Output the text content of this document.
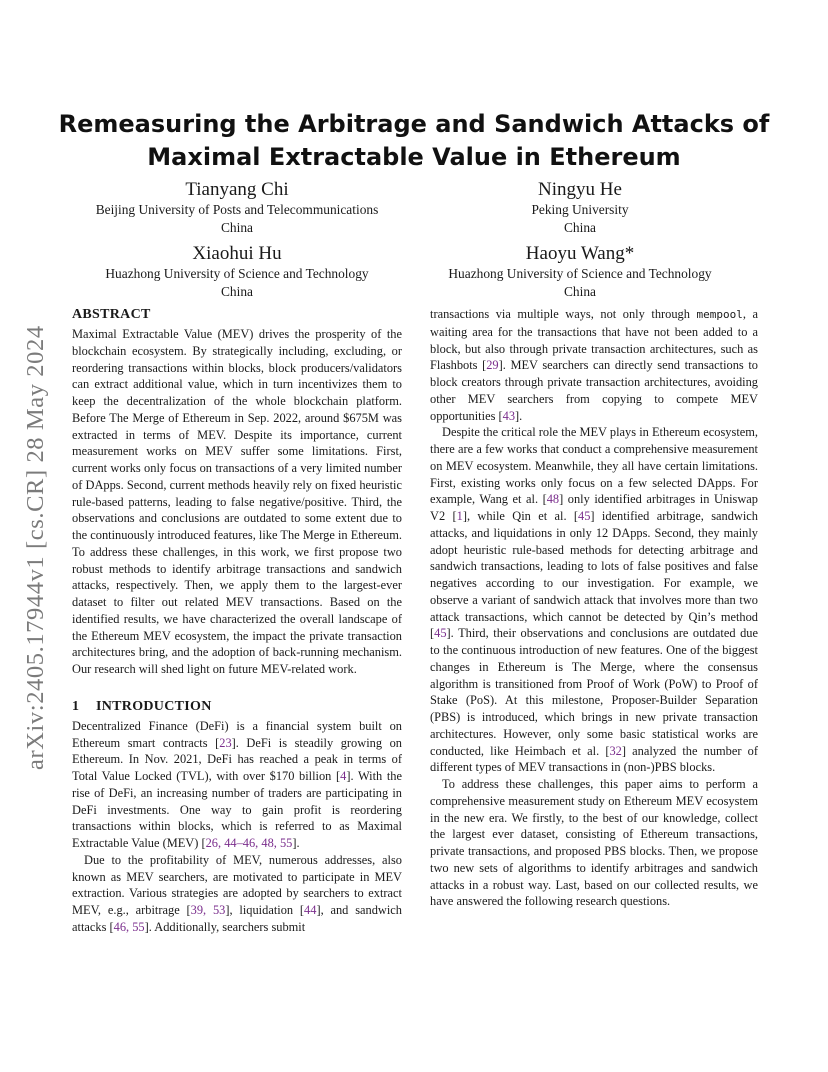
arXiv:2405.17944v1 [cs.CR] 28 May 2024
Remeasuring the Arbitrage and Sandwich Attacks of
Maximal Extractable Value in Ethereum
Tianyang Chi
Beijing University of Posts and Telecommunications
China
Ningyu He
Peking University
China
Xiaohui Hu
Huazhong University of Science and Technology
China
Haoyu Wang*
Huazhong University of Science and Technology
China
ABSTRACT

Maximal Extractable Value (MEV) drives the prosperity of the blockchain ecosystem. By strategically including, excluding, or reordering transactions within blocks, block producers/validators can extract additional value, which in turn incentivizes them to keep the decentralization of the whole blockchain platform. Before The Merge of Ethereum in Sep. 2022, around $675M was extracted in terms of MEV. Despite its importance, current measurement works on MEV suffer some limitations. First, current works only focus on transactions of a very limited number of DApps. Second, current methods heavily rely on fixed heuristic rule-based patterns, leading to false negative/positive. Third, the observations and conclusions are outdated to some extent due to the continuously introduced features, like The Merge in Ethereum. To address these challenges, in this work, we first propose two robust methods to identify arbitrage transactions and sandwich attacks, respectively. Then, we apply them to the largest-ever dataset to filter out related MEV transactions. Based on the identified results, we have characterized the overall landscape of the Ethereum MEV ecosystem, the impact the private transaction architectures bring, and the adoption of back-running mechanism. Our research will shed light on future MEV-related work.

1 INTRODUCTION

Decentralized Finance (DeFi) is a financial system built on Ethereum smart contracts [23]. DeFi is steadily growing on Ethereum. In Nov. 2021, DeFi has reached a peak in terms of Total Value Locked (TVL), with over $170 billion [4]. With the rise of DeFi, an increasing number of traders are participating in DeFi investments. One way to gain profit is reordering transactions within blocks, which is referred to as Maximal Extractable Value (MEV) [26, 44–46, 48, 55].

Due to the profitability of MEV, numerous addresses, also known as MEV searchers, are motivated to participate in MEV extraction. Various strategies are adopted by searchers to extract MEV, e.g., arbitrage [39, 53], liquidation [44], and sandwich attacks [46, 55]. Additionally, searchers submit

transactions via multiple ways, not only through mempool, a waiting area for the transactions that have not been added to a block, but also through private transaction architectures, such as Flashbots [29]. MEV searchers can directly send transactions to block creators through private transaction architectures, avoiding other MEV searchers from copying to compete MEV opportunities [43].

Despite the critical role the MEV plays in Ethereum ecosystem, there are a few works that conduct a comprehensive measurement on MEV ecosystem. Meanwhile, they all have certain limitations. First, existing works only focus on a few selected DApps. For example, Wang et al. [48] only identified arbitrages in Uniswap V2 [1], while Qin et al. [45] identified arbitrage, sandwich attacks, and liquidations in only 12 DApps. Second, they mainly adopt heuristic rule-based methods for detecting arbitrage and sandwich transactions, leading to lots of false positives and false negatives according to our investigation. For example, we observe a variant of sandwich attack that involves more than two attack transactions, which cannot be detected by Qin’s method [45]. Third, their observations and conclusions are outdated due to the continuous introduction of new features. One of the biggest changes in Ethereum is The Merge, where the consensus algorithm is transitioned from Proof of Work (PoW) to Proof of Stake (PoS). At this milestone, Proposer-Builder Separation (PBS) is introduced, which brings in new private transaction architectures. However, only some basic statistical works are conducted, like Heimbach et al. [32] analyzed the number of different types of MEV transactions in (non-)PBS blocks.

To address these challenges, this paper aims to perform a comprehensive measurement study on Ethereum MEV ecosystem in the new era. We firstly, to the best of our knowledge, collect the largest ever dataset, consisting of Ethereum transactions, private transactions, and proposed PBS blocks. Then, we propose two new sets of algorithms to identify arbitrages and sandwich attacks in a robust way. Last, based on our collected results, we have answered the following research questions.
